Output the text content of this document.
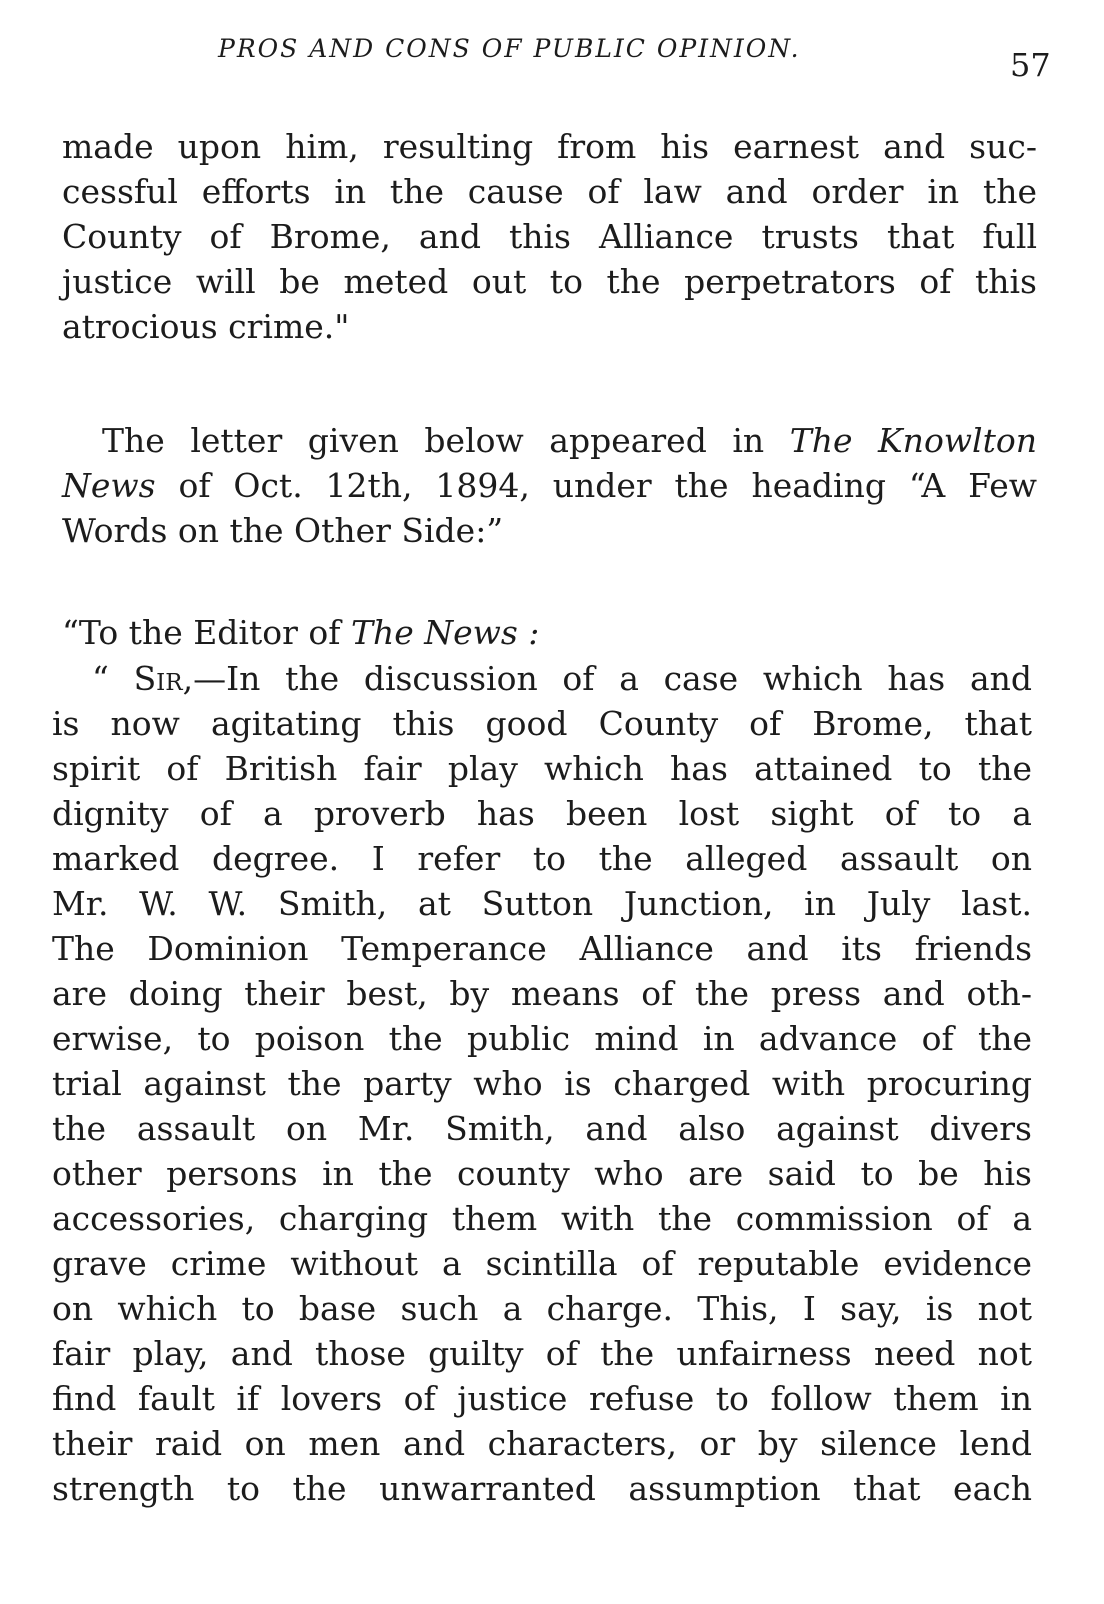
PROS AND CONS OF PUBLIC OPINION.	57
made upon him, resulting from his earnest and suc-
cessful efforts in the cause of law and order in the
County of Brome, and this Alliance trusts that full
justice will be meted out to the perpetrators of this
atrocious crime."
The letter given below appeared in The Knowlton
News of Oct. 12th, 1894, under the heading “A Few
Words on the Other Side:”
“To the Editor of The News :
“ Sir,—In the discussion of a case which has and
is now agitating this good County of Brome, that
spirit of British fair play which has attained to the
dignity of a proverb has been lost sight of to a
marked degree. I refer to the alleged assault on
Mr. W. W. Smith, at Sutton Junction, in July last.
The Dominion Temperance Alliance and its friends
are doing their best, by means of the press and oth-
erwise, to poison the public mind in advance of the
trial against the party who is charged with procuring
the assault on Mr. Smith, and also against divers
other persons in the county who are said to be his
accessories, charging them with the commission of a
grave crime without a scintilla of reputable evidence
on which to base such a charge. This, I say, is not
fair play, and those guilty of the unfairness need not
find fault if lovers of justice refuse to follow them in
their raid on men and characters, or by silence lend
strength to the unwarranted assumption that each
